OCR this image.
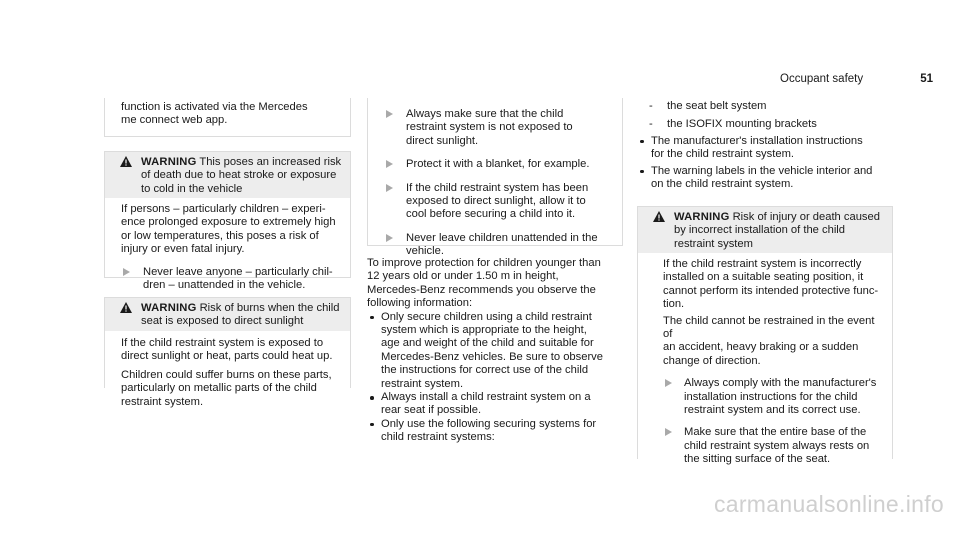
Occupant safety	51
function is activated via the Mercedes
me connect web app.
WARNING This poses an increased risk
of death due to heat stroke or exposure
to cold in the vehicle
If persons – particularly children – experi-
ence prolonged exposure to extremely high
or low temperatures, this poses a risk of
injury or even fatal injury.
Never leave anyone – particularly chil-
dren – unattended in the vehicle.
WARNING Risk of burns when the child
seat is exposed to direct sunlight
If the child restraint system is exposed to
direct sunlight or heat, parts could heat up.
Children could suffer burns on these parts,
particularly on metallic parts of the child
restraint system.
Always make sure that the child
restraint system is not exposed to
direct sunlight.
Protect it with a blanket, for example.
If the child restraint system has been
exposed to direct sunlight, allow it to
cool before securing a child into it.
Never leave children unattended in the
vehicle.
To improve protection for children younger than
12 years old or under 1.50 m in height,
Mercedes-Benz recommends you observe the
following information:
Only secure children using a child restraint
system which is appropriate to the height,
age and weight of the child and suitable for
Mercedes-Benz vehicles. Be sure to observe
the instructions for correct use of the child
restraint system.
Always install a child restraint system on a
rear seat if possible.
Only use the following securing systems for
child restraint systems:
- the seat belt system
- the ISOFIX mounting brackets
The manufacturer's installation instructions
for the child restraint system.
The warning labels in the vehicle interior and
on the child restraint system.
WARNING Risk of injury or death caused
by incorrect installation of the child
restraint system
If the child restraint system is incorrectly
installed on a suitable seating position, it
cannot perform its intended protective func-
tion.
The child cannot be restrained in the event of
an accident, heavy braking or a sudden
change of direction.
Always comply with the manufacturer's
installation instructions for the child
restraint system and its correct use.
Make sure that the entire base of the
child restraint system always rests on
the sitting surface of the seat.
carmanualsonline.info
